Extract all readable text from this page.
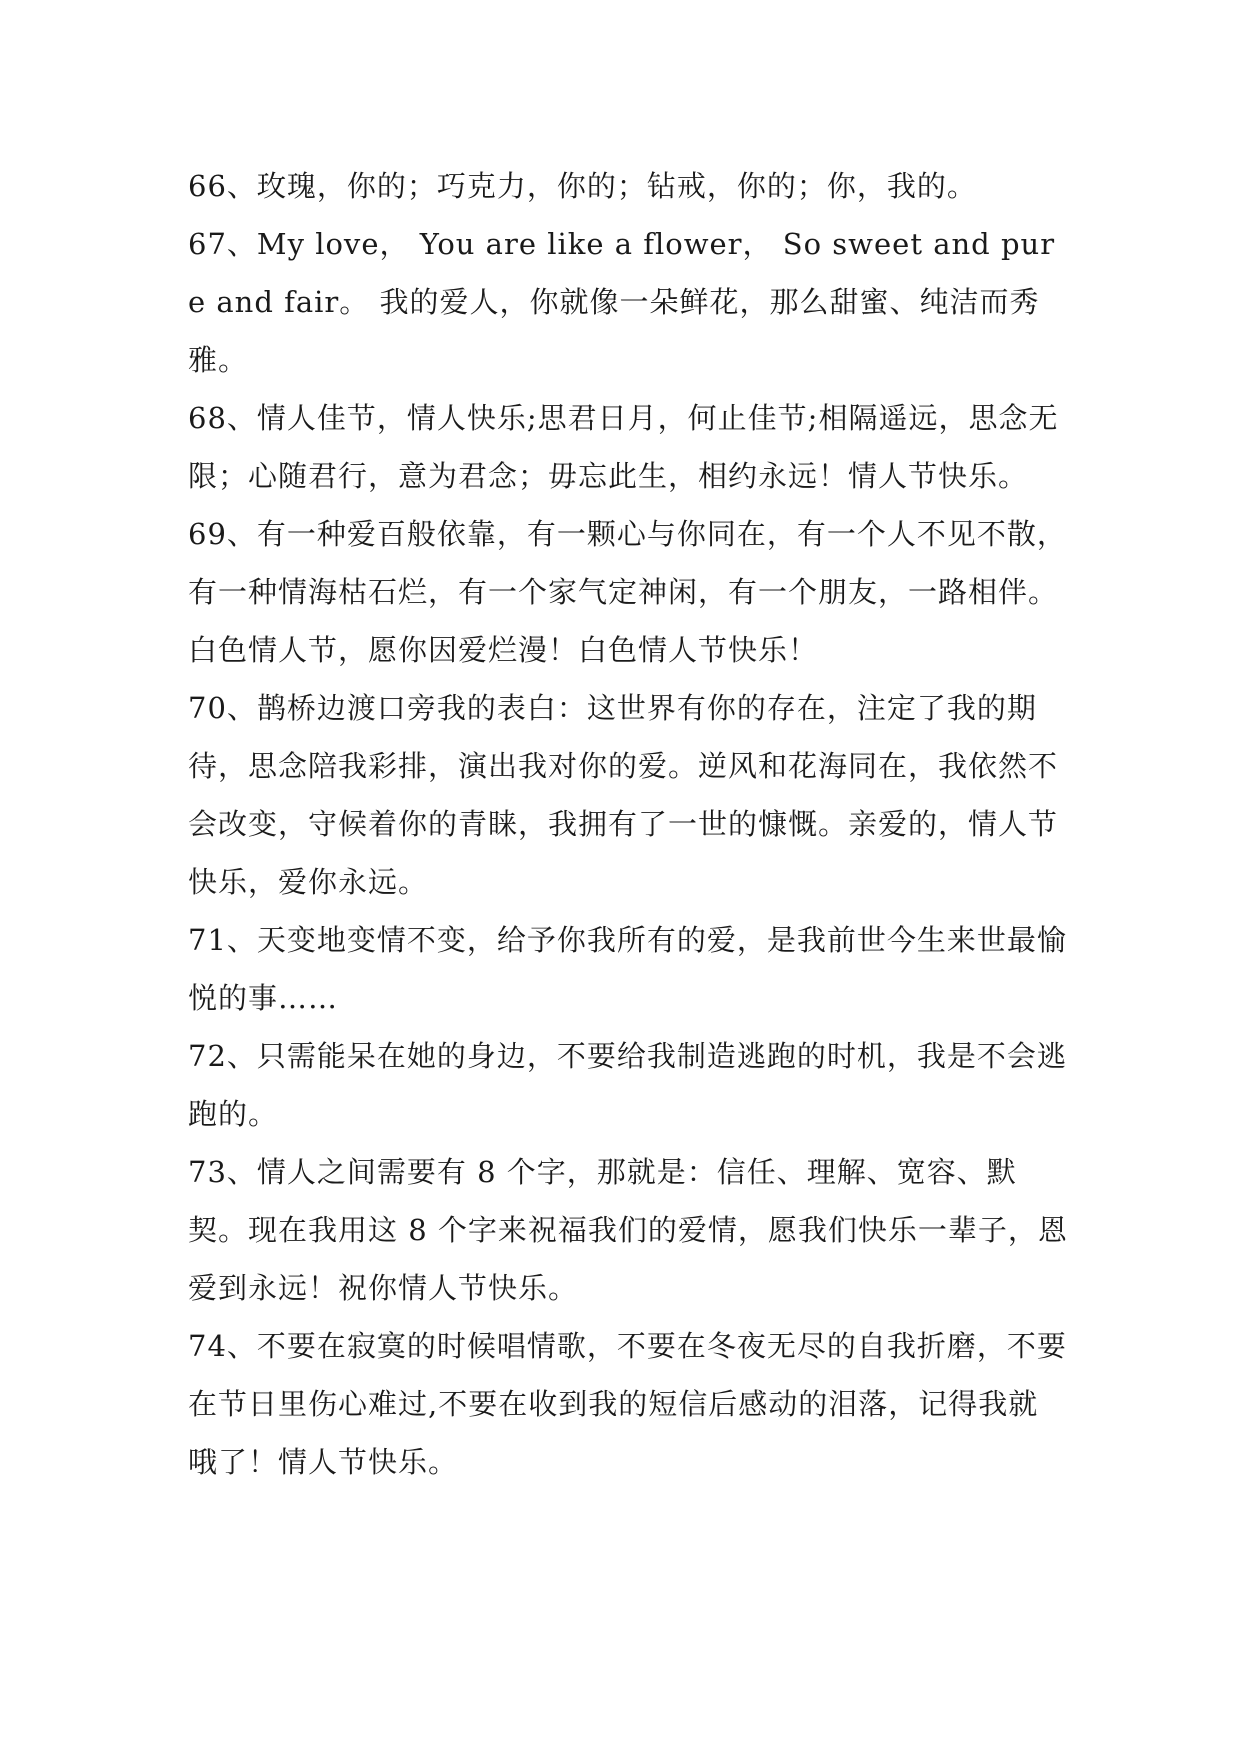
66、玫瑰，你的；巧克力，你的；钻戒，你的；你，我的。

67、My love， You are like a flower， So sweet and pure and fair。 我的爱人，你就像一朵鲜花，那么甜蜜、纯洁而秀雅。

68、情人佳节，情人快乐;思君日月，何止佳节;相隔遥远，思念无限；心随君行，意为君念；毋忘此生，相约永远！情人节快乐。

69、有一种爱百般依靠，有一颗心与你同在，有一个人不见不散，有一种情海枯石烂，有一个家气定神闲，有一个朋友，一路相伴。白色情人节，愿你因爱烂漫！白色情人节快乐！

70、鹊桥边渡口旁我的表白：这世界有你的存在，注定了我的期待，思念陪我彩排，演出我对你的爱。逆风和花海同在，我依然不会改变，守候着你的青睐，我拥有了一世的慷慨。亲爱的，情人节快乐，爱你永远。

71、天变地变情不变，给予你我所有的爱，是我前世今生来世最愉悦的事……

72、只需能呆在她的身边，不要给我制造逃跑的时机，我是不会逃跑的。

73、情人之间需要有 8 个字，那就是：信任、理解、宽容、默契。现在我用这 8 个字来祝福我们的爱情，愿我们快乐一辈子，恩爱到永远！祝你情人节快乐。

74、不要在寂寞的时候唱情歌，不要在冬夜无尽的自我折磨，不要在节日里伤心难过,不要在收到我的短信后感动的泪落，记得我就哦了！情人节快乐。
